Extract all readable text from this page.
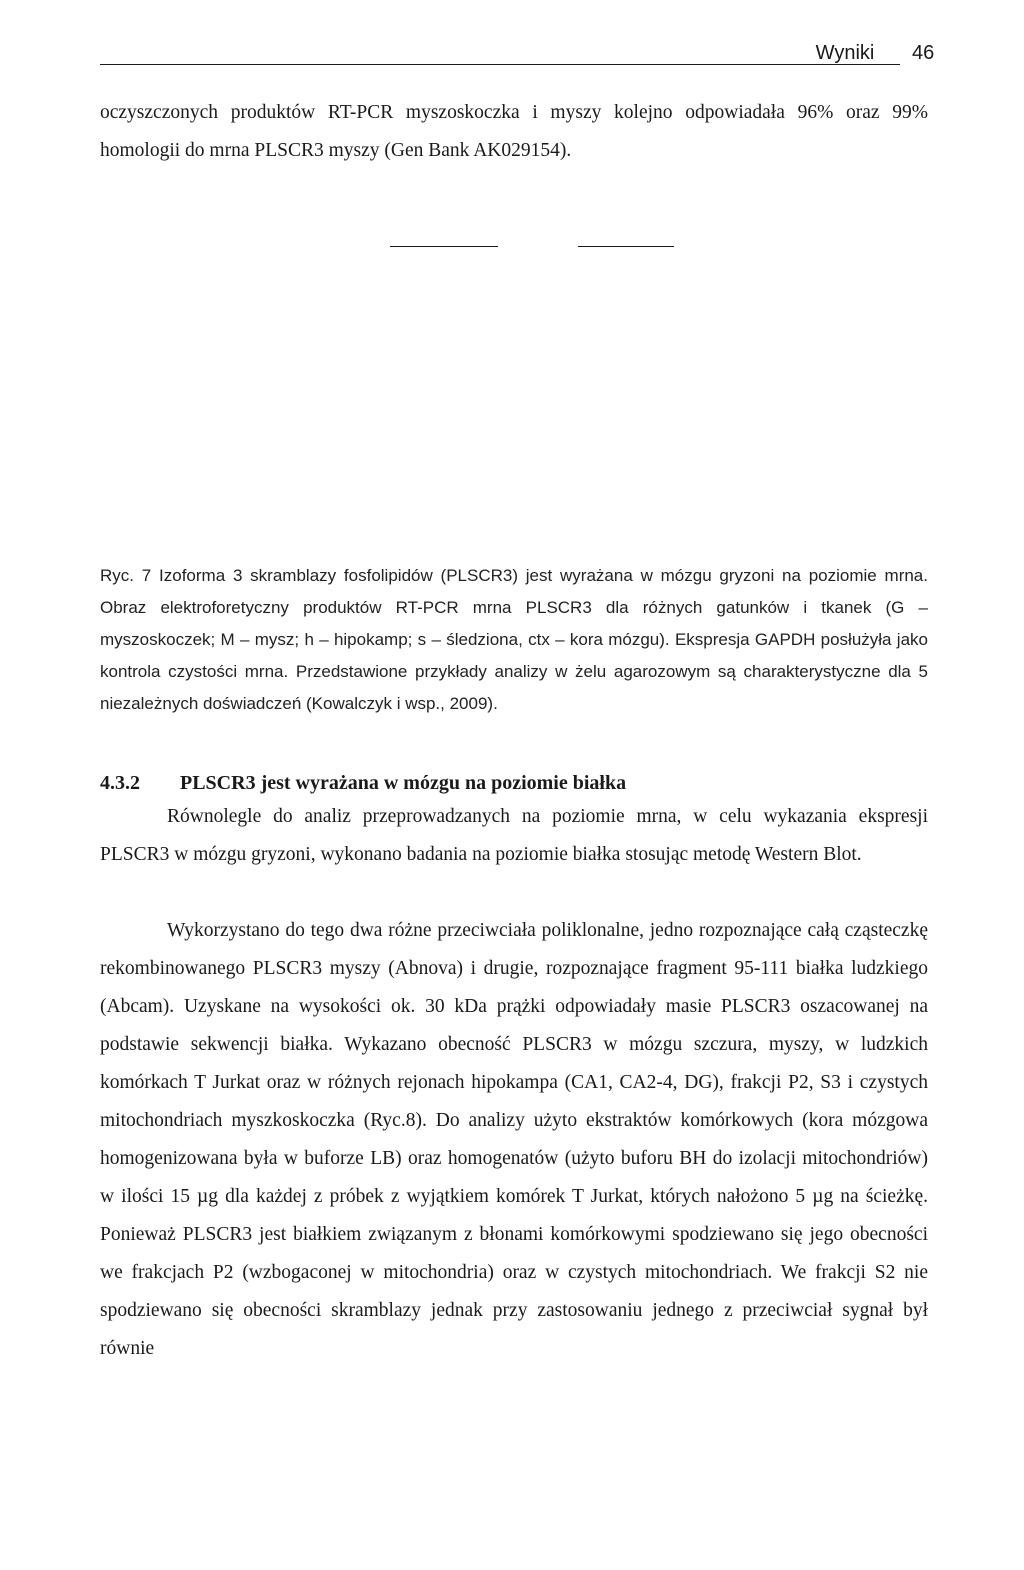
Wyniki	46

oczyszczonych produktów RT-PCR myszoskoczka i myszy kolejno odpowiadała 96% oraz 99% homologii do mrna PLSCR3 myszy (Gen Bank AK029154).

Ryc. 7 Izoforma 3 skramblazy fosfolipidów (PLSCR3) jest wyrażana w mózgu gryzoni na poziomie mrna. Obraz elektroforetyczny produktów RT-PCR mrna PLSCR3 dla różnych gatunków i tkanek (G – myszoskoczek; M – mysz; h – hipokamp; s – śledziona, ctx – kora mózgu). Ekspresja GAPDH posłużyła jako kontrola czystości mrna. Przedstawione przykłady analizy w żelu agarozowym są charakterystyczne dla 5 niezależnych doświadczeń (Kowalczyk i wsp., 2009).

4.3.2 PLSCR3 jest wyrażana w mózgu na poziomie białka

Równolegle do analiz przeprowadzanych na poziomie mrna, w celu wykazania ekspresji PLSCR3 w mózgu gryzoni, wykonano badania na poziomie białka stosując metodę Western Blot.

Wykorzystano do tego dwa różne przeciwciała poliklonalne, jedno rozpoznające całą cząsteczkę rekombinowanego PLSCR3 myszy (Abnova) i drugie, rozpoznające fragment 95-111 białka ludzkiego (Abcam). Uzyskane na wysokości ok. 30 kDa prążki odpowiadały masie PLSCR3 oszacowanej na podstawie sekwencji białka. Wykazano obecność PLSCR3 w mózgu szczura, myszy, w ludzkich komórkach T Jurkat oraz w różnych rejonach hipokampa (CA1, CA2-4, DG), frakcji P2, S3 i czystych mitochondriach myszkoskoczka (Ryc.8). Do analizy użyto ekstraktów komórkowych (kora mózgowa homogenizowana była w buforze LB) oraz homogenatów (użyto buforu BH do izolacji mitochondriów) w ilości 15 µg dla każdej z próbek z wyjątkiem komórek T Jurkat, których nałożono 5 µg na ścieżkę. Ponieważ PLSCR3 jest białkiem związanym z błonami komórkowymi spodziewano się jego obecności we frakcjach P2 (wzbogaconej w mitochondria) oraz w czystych mitochondriach. We frakcji S2 nie spodziewano się obecności skramblazy jednak przy zastosowaniu jednego z przeciwciał sygnał był równie
